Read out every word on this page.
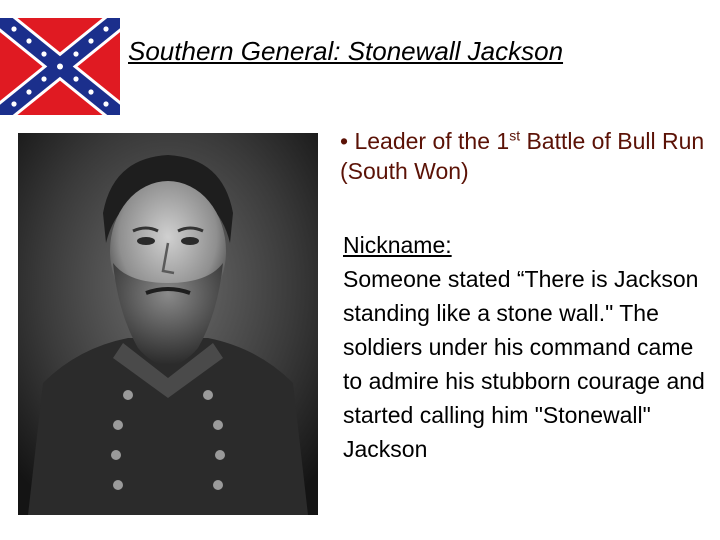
Southern General: Stonewall Jackson
• Leader of the 1st Battle of Bull Run (South Won)
Nickname:
Someone stated “There is Jackson standing like a stone wall." The soldiers under his command came to admire his stubborn courage and started calling him "Stonewall" Jackson
